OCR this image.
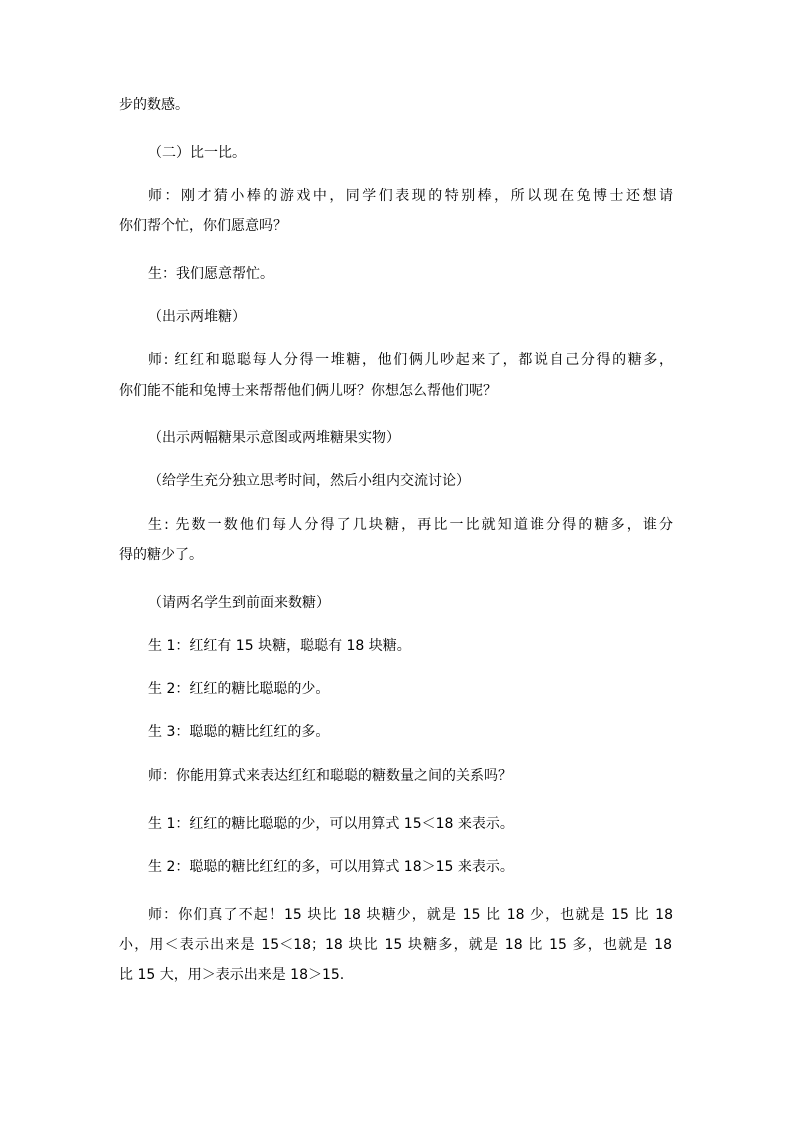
步的数感。
（二）比一比。
师：刚才猜小棒的游戏中，同学们表现的特别棒，所以现在兔博士还想请
你们帮个忙，你们愿意吗？
生：我们愿意帮忙。
（出示两堆糖）
师: 红红和聪聪每人分得一堆糖，他们俩儿吵起来了，都说自己分得的糖多，
你们能不能和兔博士来帮帮他们俩儿呀？你想怎么帮他们呢？
（出示两幅糖果示意图或两堆糖果实物）
（给学生充分独立思考时间，然后小组内交流讨论）
生: 先数一数他们每人分得了几块糖，再比一比就知道谁分得的糖多，谁分
得的糖少了。
（请两名学生到前面来数糖）
生 1：红红有 15 块糖，聪聪有 18 块糖。
生 2：红红的糖比聪聪的少。
生 3：聪聪的糖比红红的多。
师：你能用算式来表达红红和聪聪的糖数量之间的关系吗？
生 1：红红的糖比聪聪的少，可以用算式 15＜18 来表示。
生 2：聪聪的糖比红红的多，可以用算式 18＞15 来表示。
师：你们真了不起！15 块比 18 块糖少，就是 15 比 18 少，也就是 15 比 18
小，用＜表示出来是 15＜18；18 块比 15 块糖多，就是 18 比 15 多，也就是 18
比 15 大，用＞表示出来是 18＞15.
